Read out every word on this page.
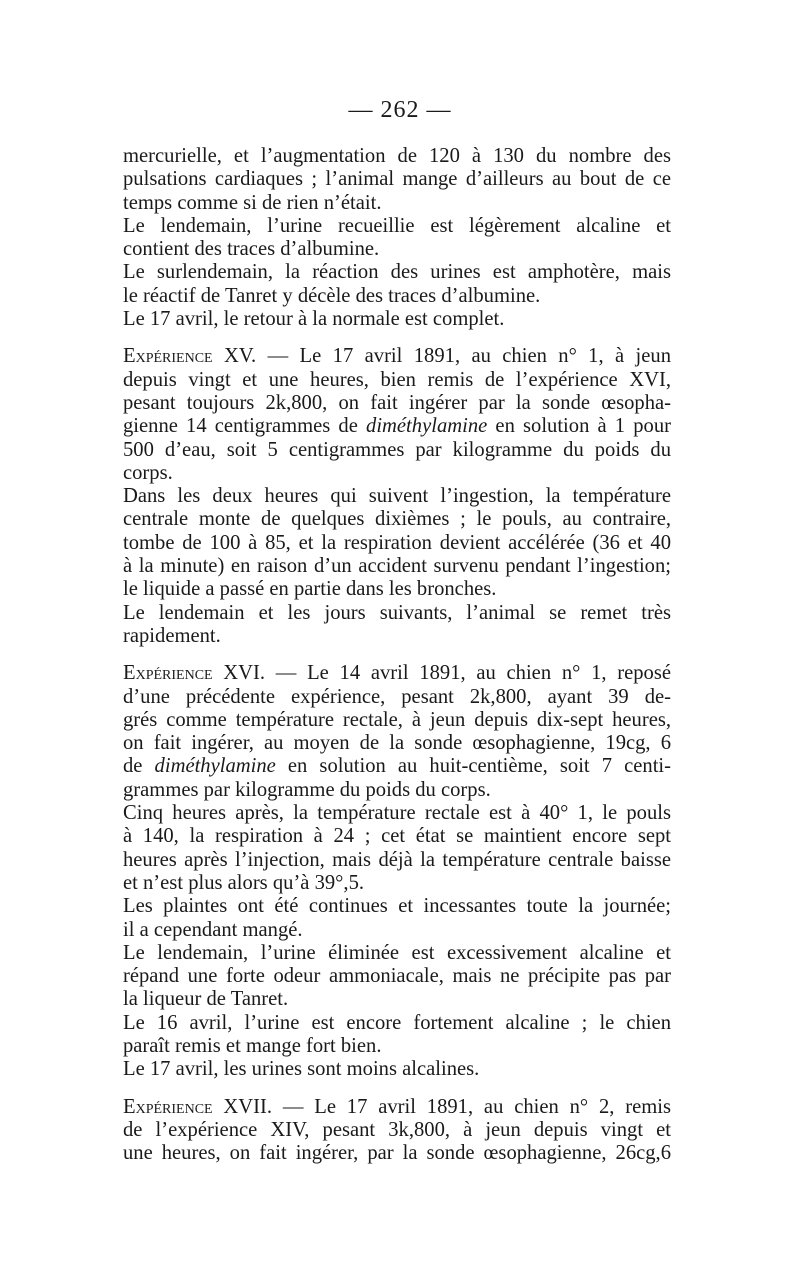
— 262 —
mercurielle, et l’augmentation de 120 à 130 du nombre des
pulsations cardiaques ; l’animal mange d’ailleurs au bout de ce
temps comme si de rien n’était.
Le lendemain, l’urine recueillie est légèrement alcaline et
contient des traces d’albumine.
Le surlendemain, la réaction des urines est amphotère, mais
le réactif de Tanret y décèle des traces d’albumine.
Le 17 avril, le retour à la normale est complet.
Expérience XV. — Le 17 avril 1891, au chien n° 1, à jeun
depuis vingt et une heures, bien remis de l’expérience XVI,
pesant toujours 2k,800, on fait ingérer par la sonde œsopha-
gienne 14 centigrammes de diméthylamine en solution à 1 pour
500 d’eau, soit 5 centigrammes par kilogramme du poids du
corps.
Dans les deux heures qui suivent l’ingestion, la température
centrale monte de quelques dixièmes ; le pouls, au contraire,
tombe de 100 à 85, et la respiration devient accélérée (36 et 40
à la minute) en raison d’un accident survenu pendant l’ingestion;
le liquide a passé en partie dans les bronches.
Le lendemain et les jours suivants, l’animal se remet très
rapidement.
Expérience XVI. — Le 14 avril 1891, au chien n° 1, reposé
d’une précédente expérience, pesant 2k,800, ayant 39 de-
grés comme température rectale, à jeun depuis dix-sept heures,
on fait ingérer, au moyen de la sonde œsophagienne, 19cg, 6
de diméthylamine en solution au huit-centième, soit 7 centi-
grammes par kilogramme du poids du corps.
Cinq heures après, la température rectale est à 40° 1, le pouls
à 140, la respiration à 24 ; cet état se maintient encore sept
heures après l’injection, mais déjà la température centrale baisse
et n’est plus alors qu’à 39°,5.
Les plaintes ont été continues et incessantes toute la journée;
il a cependant mangé.
Le lendemain, l’urine éliminée est excessivement alcaline et
répand une forte odeur ammoniacale, mais ne précipite pas par
la liqueur de Tanret.
Le 16 avril, l’urine est encore fortement alcaline ; le chien
paraît remis et mange fort bien.
Le 17 avril, les urines sont moins alcalines.
Expérience XVII. — Le 17 avril 1891, au chien n° 2, remis
de l’expérience XIV, pesant 3k,800, à jeun depuis vingt et
une heures, on fait ingérer, par la sonde œsophagienne, 26cg,6
